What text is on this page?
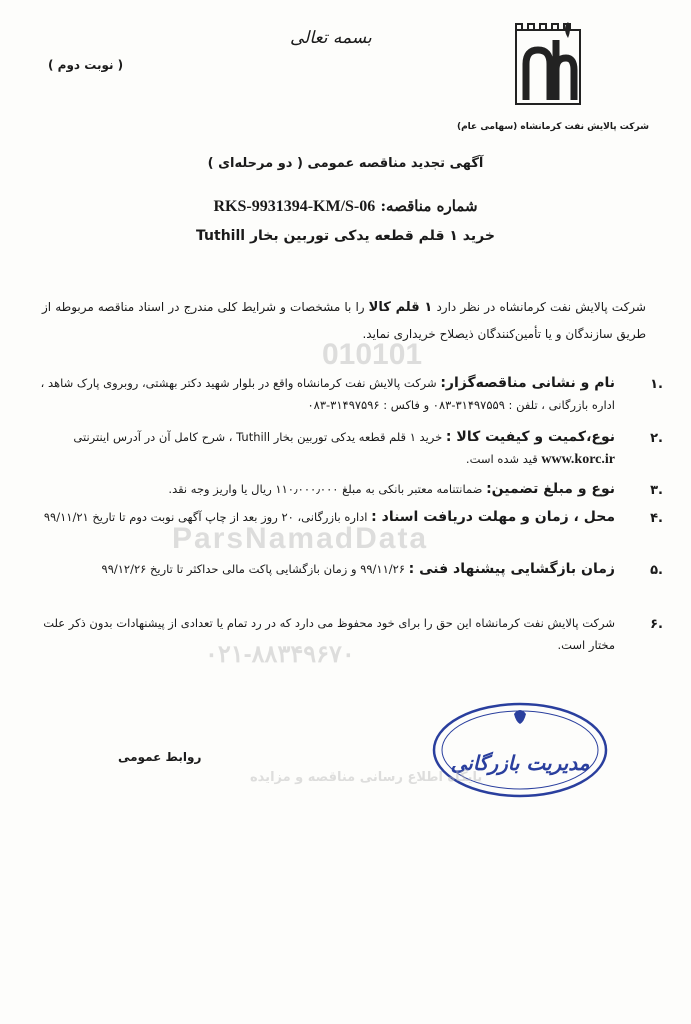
( نوبت دوم )
بسمه تعالی
شرکت پالایش نفت کرمانشاه (سهامی عام)
آگهی تجدید مناقصه عمومی ( دو مرحله‌ای )
شماره مناقصه: RKS-9931394-KM/S-06
خرید ۱ قلم قطعه یدکی توربین بخار Tuthill
شرکت پالایش نفت کرمانشاه در نظر دارد ۱ قلم کالا را با مشخصات و شرایط کلی مندرج در اسناد مناقصه مربوطه از طریق سازندگان و یا تأمین‌کنندگان ذیصلاح خریداری نماید.
.۱
نام و نشانی مناقصه‌گزار: شرکت پالایش نفت کرمانشاه واقع در بلوار شهید دکتر بهشتی، روبروی پارک شاهد ، اداره بازرگانی ، تلفن : ۳۱۴۹۷۵۵۹-۰۸۳ و فاکس : ۳۱۴۹۷۵۹۶-۰۸۳
.۲
نوع،کمیت و کیفیت کالا : خرید ۱ قلم قطعه یدکی توربین بخار Tuthill ، شرح کامل آن در آدرس اینترنتی www.korc.ir قید شده است.
.۳
نوع و مبلغ تضمین: ضمانتنامه معتبر بانکی به مبلغ ۱۱۰٫۰۰۰٫۰۰۰ ریال یا واریز وجه نقد.
.۴
محل ، زمان و مهلت دریافت اسناد : اداره بازرگانی، ۲۰ روز بعد از چاپ آگهی نوبت دوم تا تاریخ ۹۹/۱۱/۲۱
.۵
زمان بازگشایی پیشنهاد فنی : ۹۹/۱۱/۲۶ و زمان بازگشایی پاکت مالی حداکثر تا تاریخ ۹۹/۱۲/۲۶
.۶
شرکت پالایش نفت کرمانشاه این حق را برای خود محفوظ می دارد که در رد تمام یا تعدادی از پیشنهادات بدون ذکر علت مختار است.
مدیریت بازرگانی
روابط عمومی
010101
ParsNamadData
۰۲۱-۸۸۳۴۹۶۷۰
پایگاه اطلاع رسانی مناقصه و مزایده
